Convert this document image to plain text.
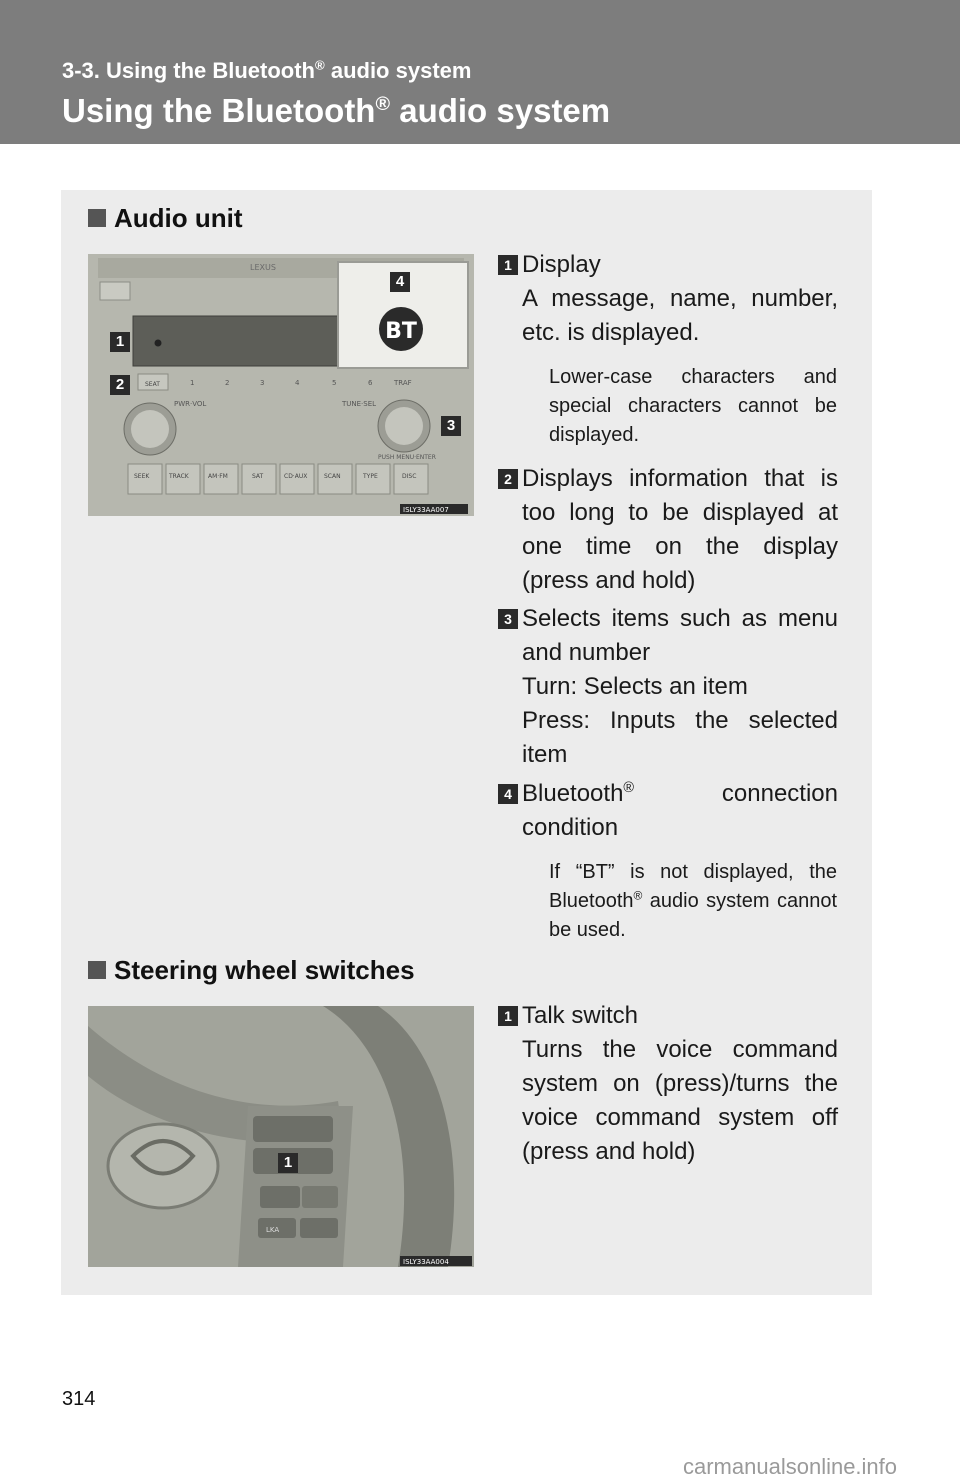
3-3. Using the Bluetooth® audio system
Using the Bluetooth® audio system
Audio unit
LEXUS
SEAT	1	2	3	4	5	6	TRAF
PWR·VOL	TUNE·SEL
PUSH MENU·ENTER
SEEK	TRACK	AM·FM	SAT	CD·AUX	SCAN	TYPE	DISC
BT
ISLY33AA007
1
2
3
4
1 Display
A message, name, number, etc. is displayed.
Lower-case characters and special characters cannot be displayed.
2 Displays information that is too long to be displayed at one time on the display (press and hold)
3 Selects items such as menu and number
Turn: Selects an item
Press: Inputs the selected item
4 Bluetooth® connection condition
If “BT” is not displayed, the Bluetooth® audio system cannot be used.
Steering wheel switches
LKA
ISLY33AA004
1
1 Talk switch
Turns the voice command system on (press)/turns the voice command system off (press and hold)
314
carmanualsonline.info
